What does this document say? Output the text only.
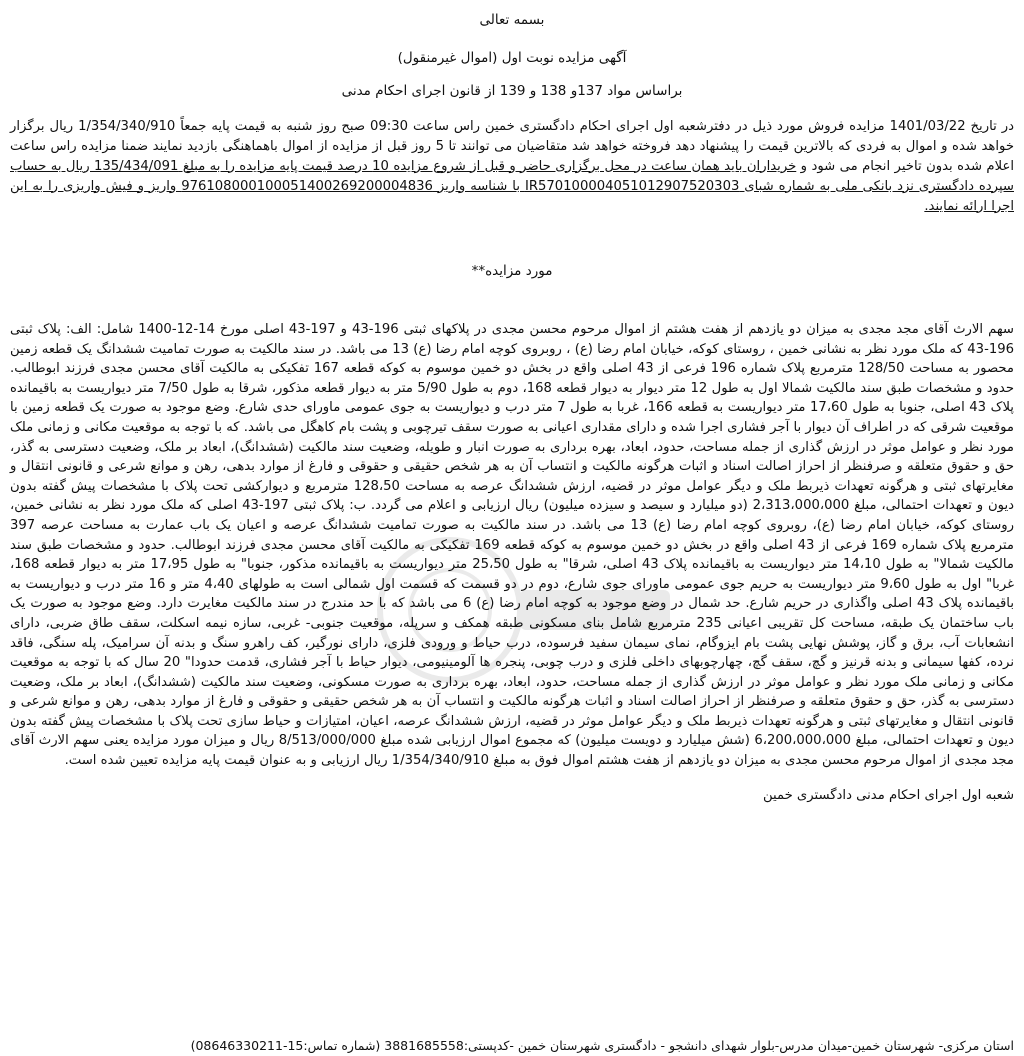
بسمه تعالی

آگهی مزایده نوبت اول (اموال غیرمنقول)

براساس مواد 137و 138 و 139 از قانون اجرای احکام مدنی

در تاریخ 1401/03/22 مزایده فروش مورد ذیل در دفترشعبه اول اجرای احکام دادگستری خمین راس ساعت 09:30 صبح روز شنبه به قیمت پایه جمعاً 1/354/340/910 ریال برگزار خواهد شده و اموال به فردی که بالاترین قیمت را پیشنهاد دهد فروخته خواهد شد متقاضیان می توانند تا 5 روز قبل از مزایده از اموال باهماهنگی بازدید نمایند ضمنا مزایده راس ساعت اعلام شده بدون تاخیر انجام می شود و خریداران باید همان ساعت در محل برگزاری حاضر و قبل از شروع مزایده 10 درصد قیمت پایه مزایده را به مبلغ 135/434/091 ریال به حساب سپرده دادگستری نزد بانکی ملی به شماره شبای IR570100004051012907520303 با شناسه واریز 976108000100051400269200004836 واریز و فیش واریزی را به این اجرا ارائه نمایند.

مورد مزایده**

سهم الارث آقای مجد مجدی به میزان دو یازدهم از هفت هشتم از اموال مرحوم محسن مجدی در پلاکهای ثبتی 196-43 و 197-43 اصلی مورخ 14-12-1400 شامل: الف: پلاک ثبتی 196-43 که ملک مورد نظر به نشانی خمین ، روستای کوکه، خیابان امام رضا (ع) ، روبروی کوچه امام رضا (ع) 13 می باشد. در سند مالکیت به صورت تمامیت ششدانگ یک قطعه زمین محصور به مساحت 128/50 مترمربع پلاک شماره 196 فرعی از 43 اصلی واقع در بخش دو خمین موسوم به کوکه قطعه 167 تفکیکی به مالکیت آقای محسن مجدی فرزند ابوطالب. حدود و مشخصات طبق سند مالکیت شمالا اول به طول 12 متر دیوار به دیوار قطعه 168، دوم به طول 5/90 متر به دیوار قطعه مذکور، شرقا به طول 7/50 متر دیواریست به باقیمانده پلاک 43 اصلی، جنوبا به طول 17،60 متر دیواریست به قطعه 166، غربا به طول 7 متر درب و دیواریست به جوی عمومی ماورای حدی شارع. وضع موجود به صورت یک قطعه زمین با موقعیت شرقی که در اطراف آن دیوار با آجر فشاری اجرا شده و دارای مقداری اعیانی به صورت سقف تیرچوبی و پشت بام کاهگل می باشد. که با توجه به موقعیت مکانی و زمانی ملک مورد نظر و عوامل موثر در ارزش گذاری از جمله مساحت، حدود، ابعاد، بهره برداری به صورت انبار و طویله، وضعیت سند مالکیت (ششدانگ)، ابعاد بر ملک، وضعیت دسترسی به گذر، حق و حقوق متعلقه و صرفنظر از احراز اصالت اسناد و اثبات هرگونه مالکیت و انتساب آن به هر شخص حقیقی و حقوقی و فارغ از موارد بدهی، رهن و موانع شرعی و قانونی انتقال و مغایرتهای ثبتی و هرگونه تعهدات ذیربط ملک و دیگر عوامل موثر در قضیه، ارزش ششدانگ عرصه به مساحت 128،50 مترمربع و دیوارکشی تحت پلاک با مشخصات پیش گفته بدون دیون و تعهدات احتمالی، مبلغ 2،313،000،000 (دو میلیارد و سیصد و سیزده میلیون) ریال ارزیابی و اعلام می گردد. ب: پلاک ثبتی 197-43 اصلی که ملک مورد نظر به نشانی خمین، روستای کوکه، خیابان امام رضا (ع)، روبروی کوچه امام رضا (ع) 13 می باشد. در سند مالکیت به صورت تمامیت ششدانگ عرصه و اعیان یک باب عمارت به مساحت عرصه 397 مترمربع پلاک شماره 169 فرعی از 43 اصلی واقع در بخش دو خمین موسوم به کوکه قطعه 169 تفکیکی به مالکیت آقای محسن مجدی فرزند ابوطالب. حدود و مشخصات طبق سند مالکیت شمالا" به طول 14،10 متر دیواریست به باقیمانده پلاک 43 اصلی، شرقا" به طول 25،50 متر دیواریست به باقیمانده مذکور، جنوبا" به طول 17،95 متر به دیوار قطعه 168، غربا" اول به طول 9،60 متر دیواریست به حریم جوی عمومی ماورای جوی شارع، دوم در دو قسمت که قسمت اول شمالی است به طولهای 4،40 متر و 16 متر درب و دیواریست به باقیمانده پلاک 43 اصلی واگذاری در حریم شارع. حد شمال در وضع موجود به کوچه امام رضا (ع) 6 می باشد که با حد مندرج در سند مالکیت مغایرت دارد. وضع موجود به صورت یک باب ساختمان یک طبقه، مساحت کل تقریبی اعیانی 235 مترمربع شامل بنای مسکونی طبقه همکف و سرپله، موقعیت جنوبی- غربی، سازه نیمه اسکلت، سقف طاق ضربی، دارای انشعابات آب، برق و گاز، پوشش نهایی پشت بام ایزوگام، نمای سیمان سفید فرسوده، درب حیاط و ورودی فلزی، دارای نورگیر، کف راهرو سنگ و بدنه آن سرامیک، پله سنگی، فاقد نرده، کفها سیمانی و بدنه قرنیز و گچ، سقف گچ، چهارچوبهای داخلی فلزی و درب چوبی، پنجره ها آلومینیومی، دیوار حیاط با آجر فشاری، قدمت حدودا" 20 سال که با توجه به موقعیت مکانی و زمانی ملک مورد نظر و عوامل موثر در ارزش گذاری از جمله مساحت، حدود، ابعاد، بهره برداری به صورت مسکونی، وضعیت سند مالکیت (ششدانگ)، ابعاد بر ملک، وضعیت دسترسی به گذر، حق و حقوق متعلقه و صرفنظر از احراز اصالت اسناد و اثبات هرگونه مالکیت و انتساب آن به هر شخص حقیقی و حقوقی و فارغ از موارد بدهی، رهن و موانع شرعی و قانونی انتقال و مغایرتهای ثبتی و هرگونه تعهدات ذیربط ملک و دیگر عوامل موثر در قضیه، ارزش ششدانگ عرصه، اعیان، امتیازات و حیاط سازی تحت پلاک با مشخصات پیش گفته بدون دیون و تعهدات احتمالی، مبلغ 6،200،000،000 (شش میلیارد و دویست میلیون) که مجموع اموال ارزیابی شده مبلغ 8/513/000/000 ریال و میزان مورد مزایده یعنی سهم الارث آقای مجد مجدی از اموال مرحوم محسن مجدی به میزان دو یازدهم از هفت هشتم اموال فوق به مبلغ 1/354/340/910 ریال ارزیابی و به عنوان قیمت پایه مزایده تعیین شده است.

شعبه اول اجرای احکام مدنی دادگستری خمین

استان مرکزی- شهرستان خمین-میدان مدرس-بلوار شهدای دانشجو - دادگستری شهرستان خمین -کدپستی:3881685558 (شماره تماس:15-08646330211)
